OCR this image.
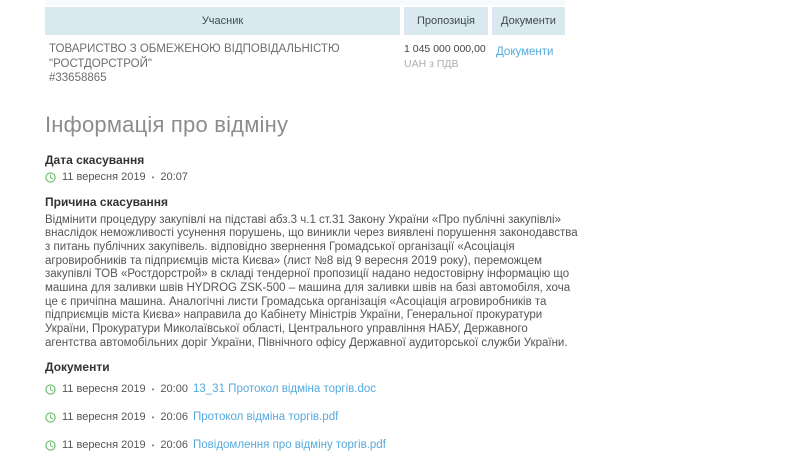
Учасник	Пропозиція	Документи
ТОВАРИСТВО З ОБМЕЖЕНОЮ ВІДПОВІДАЛЬНІСТЮ "РОСТДОРСТРОЙ"
#33658865
1 045 000 000,00
UAH з ПДВ
Документи
Інформація про відміну
Дата скасування
11 вересня 2019 • 20:07
Причина скасування
Відмінити процедуру закупівлі на підставі абз.3 ч.1 ст.31 Закону України «Про публічні закупівлі» внаслідок неможливості усунення порушень, що виникли через виявлені порушення законодавства з питань публічних закупівель. відповідно звернення Громадської організації «Асоціація агровиробників та підприємців міста Києва» (лист №8 від 9 вересня 2019 року), переможцем закупівлі ТОВ «Ростдорстрой» в складі тендерної пропозиції надано недостовірну інформацію що машина для заливки швів HYDROG ZSK-500 – машина для заливки швів на базі автомобіля, хоча це є причіпна машина. Аналогічні листи Громадська організація «Асоціація агровиробників та підприємців міста Києва» направила до Кабінету Міністрів України, Генеральної прокуратури України, Прокуратури Миколаївської області, Центрального управління НАБУ, Державного агентства автомобільних доріг України, Північного офісу Державної аудиторської служби України.
Документи
11 вересня 2019 • 20:00 13_31 Протокол відміна торгів.doc
11 вересня 2019 • 20:06 Протокол відміна торгів.pdf
11 вересня 2019 • 20:06 Повідомлення про відміну торгів.pdf
